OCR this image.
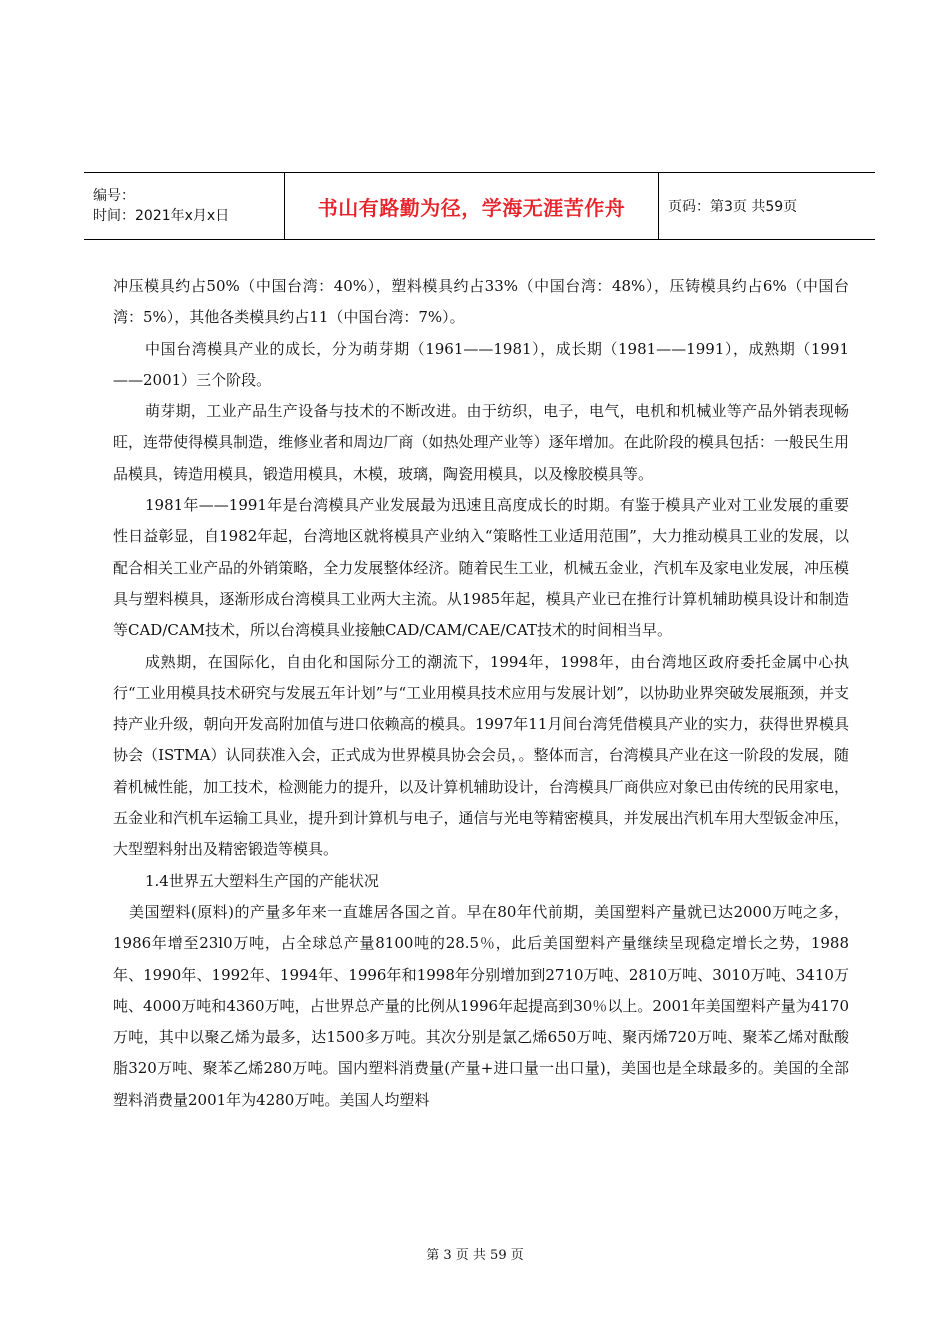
编号：
时间：2021年x月x日	书山有路勤为径，学海无涯苦作舟	页码：第3页 共59页

冲压模具约占50%（中国台湾：40%），塑料模具约占33%（中国台湾：48%），压铸模具约占6%（中国台湾：5%），其他各类模具约占11（中国台湾：7%）。

中国台湾模具产业的成长，分为萌芽期（1961——1981），成长期（1981——1991），成熟期（1991——2001）三个阶段。

萌芽期，工业产品生产设备与技术的不断改进。由于纺织，电子，电气，电机和机械业等产品外销表现畅旺，连带使得模具制造，维修业者和周边厂商（如热处理产业等）逐年增加。在此阶段的模具包括：一般民生用品模具，铸造用模具，锻造用模具，木模，玻璃，陶瓷用模具，以及橡胶模具等。

1981年——1991年是台湾模具产业发展最为迅速且高度成长的时期。有鉴于模具产业对工业发展的重要性日益彰显，自1982年起，台湾地区就将模具产业纳入“策略性工业适用范围”，大力推动模具工业的发展，以配合相关工业产品的外销策略，全力发展整体经济。随着民生工业，机械五金业，汽机车及家电业发展，冲压模具与塑料模具，逐渐形成台湾模具工业两大主流。从1985年起，模具产业已在推行计算机辅助模具设计和制造等CAD/CAM技术，所以台湾模具业接触CAD/CAM/CAE/CAT技术的时间相当早。

成熟期，在国际化，自由化和国际分工的潮流下，1994年，1998年，由台湾地区政府委托金属中心执行“工业用模具技术研究与发展五年计划”与“工业用模具技术应用与发展计划”，以协助业界突破发展瓶颈，并支持产业升级，朝向开发高附加值与进口依赖高的模具。1997年11月间台湾凭借模具产业的实力，获得世界模具协会（ISTMA）认同获准入会，正式成为世界模具协会会员，。整体而言，台湾模具产业在这一阶段的发展，随着机械性能，加工技术，检测能力的提升，以及计算机辅助设计，台湾模具厂商供应对象已由传统的民用家电，五金业和汽机车运输工具业，提升到计算机与电子，通信与光电等精密模具，并发展出汽机车用大型钣金冲压，大型塑料射出及精密锻造等模具。

1.4世界五大塑料生产国的产能状况

美国塑料(原料)的产量多年来一直雄居各国之首。早在80年代前期，美国塑料产量就已达2000万吨之多，1986年增至23l0万吨，占全球总产量8100吨的28.5％，此后美国塑料产量继续呈现稳定增长之势，1988年、1990年、1992年、1994年、1996年和1998年分别增加到2710万吨、2810万吨、3010万吨、3410万吨、4000万吨和4360万吨，占世界总产量的比例从1996年起提高到30％以上。2001年美国塑料产量为4170万吨，其中以聚乙烯为最多，达1500多万吨。其次分别是氯乙烯650万吨、聚丙烯720万吨、聚苯乙烯对酞酸脂320万吨、聚苯乙烯280万吨。国内塑料消费量(产量+进口量一出口量)，美国也是全球最多的。美国的全部塑料消费量2001年为4280万吨。美国人均塑料

第 3 页 共 59 页
